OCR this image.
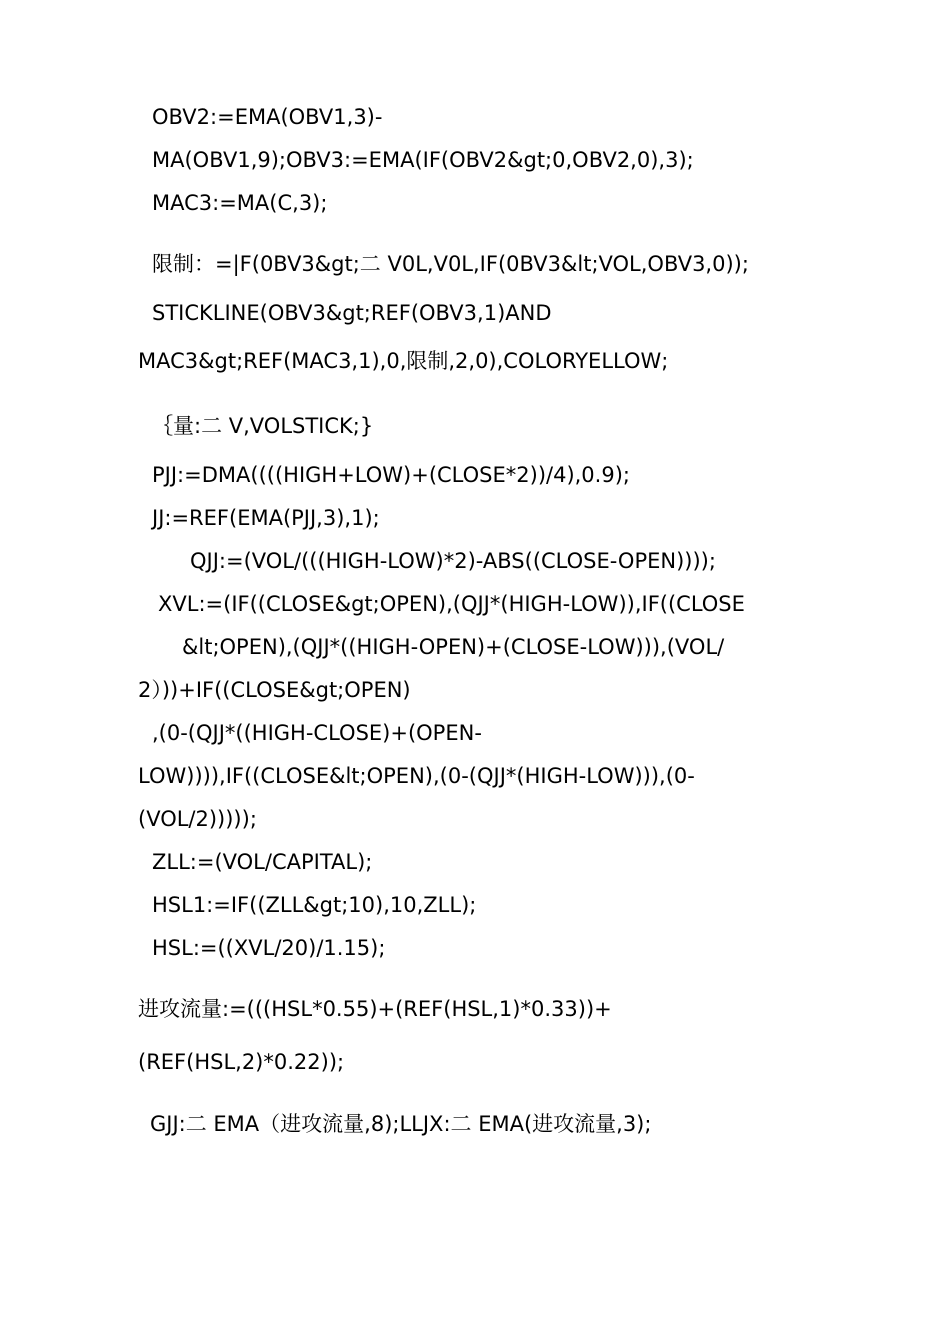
OBV2:=EMA(OBV1,3)-
MA(OBV1,9);OBV3:=EMA(IF(OBV2&gt;0,OBV2,0),3);
MAC3:=MA(C,3);
限制：=|F(0BV3&gt;二 V0L,V0L,IF(0BV3&lt;VOL,OBV3,0));
STICKLINE(OBV3&gt;REF(OBV3,1)AND
MAC3&gt;REF(MAC3,1),0,限制,2,0),COLORYELLOW;
｛量:二 V,VOLSTICK;}
PJJ:=DMA((((HIGH+LOW)+(CLOSE*2))/4),0.9);
JJ:=REF(EMA(PJJ,3),1);
QJJ:=(VOL/(((HIGH-LOW)*2)-ABS((CLOSE-OPEN))));
XVL:=(IF((CLOSE&gt;OPEN),(QJJ*(HIGH-LOW)),IF((CLOSE
&lt;OPEN),(QJJ*((HIGH-OPEN)+(CLOSE-LOW))),(VOL/
2）))+IF((CLOSE&gt;OPEN)
,(0-(QJJ*((HIGH-CLOSE)+(OPEN-
LOW)))),IF((CLOSE&lt;OPEN),(0-(QJJ*(HIGH-LOW))),(0-
(VOL/2)))));
ZLL:=(VOL/CAPITAL);
HSL1:=IF((ZLL&gt;10),10,ZLL);
HSL:=((XVL/20)/1.15);
进攻流量:=(((HSL*0.55)+(REF(HSL,1)*0.33))+
(REF(HSL,2)*0.22));
GJJ:二 EMA（进攻流量,8);LLJX:二 EMA(进攻流量,3);
